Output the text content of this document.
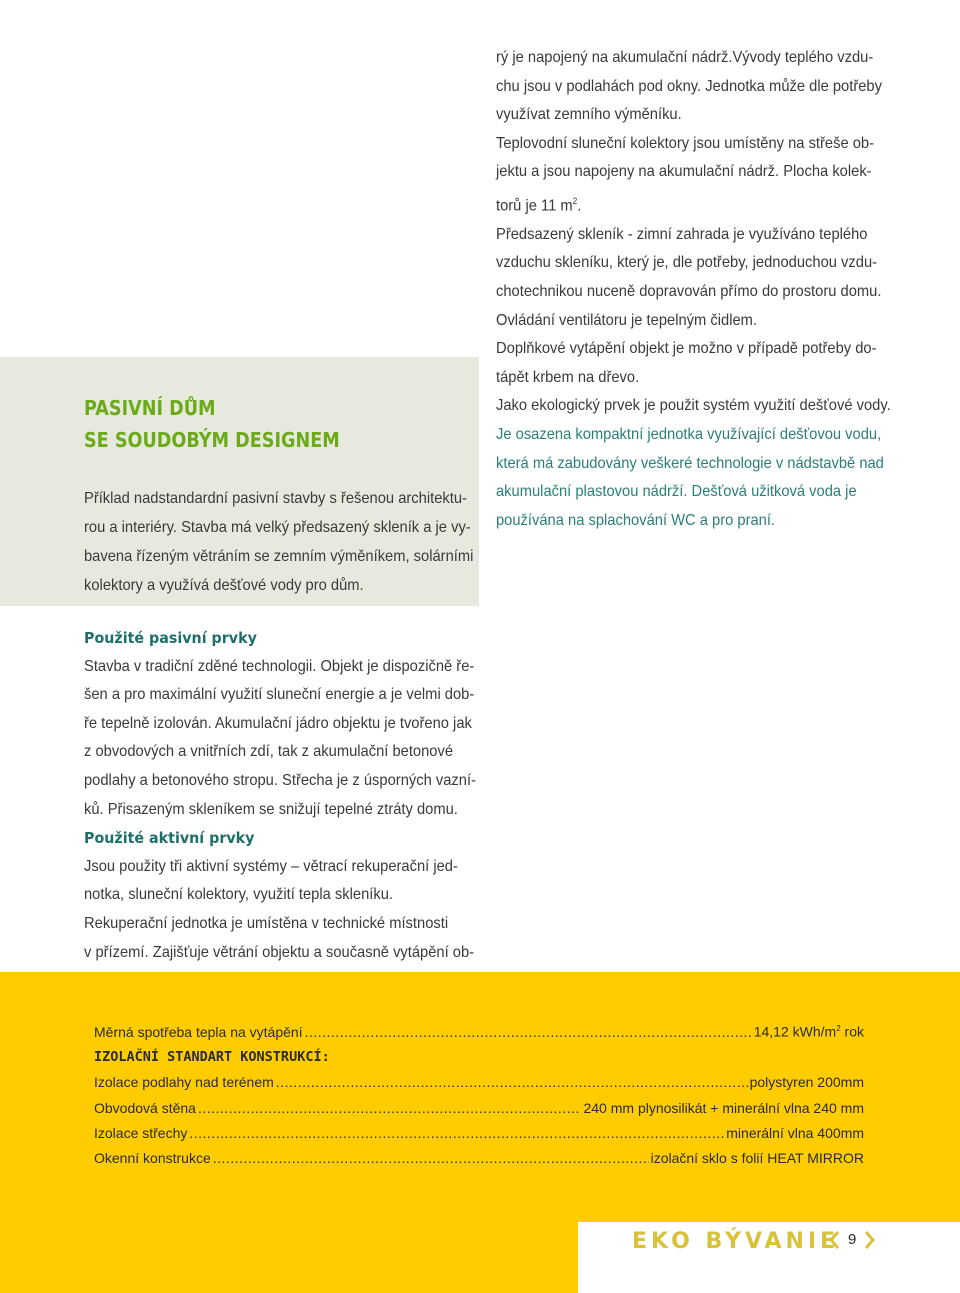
PASIVNÍ DŮM
SE SOUDOBÝM DESIGNEM
Příklad nadstandardní pasivní stavby s řešenou architektu-
rou a interiéry. Stavba má velký předsazený skleník a je vy-
bavena řízeným větráním se zemním výměníkem, solárními
kolektory a využívá dešťové vody pro dům.
rý je napojený na akumulační nádrž.Vývody teplého vzdu-
chu jsou v podlahách pod okny. Jednotka může dle potřeby
využívat zemního výměníku.
Teplovodní sluneční kolektory jsou umístěny na střeše ob-
jektu a jsou napojeny na akumulační nádrž. Plocha kolek-
torů je 11 $m^2$.
Předsazený skleník - zimní zahrada je využíváno teplého
vzduchu skleníku, který je, dle potřeby, jednoduchou vzdu-
chotechnikou nuceně dopravován přímo do prostoru domu.
Ovládání ventilátoru je tepelným čidlem.
Doplňkové vytápění objekt je možno v případě potřeby do-
tápět krbem na dřevo.
Jako ekologický prvek je použit systém využití dešťové vody.
Je osazena kompaktní jednotka využívající dešťovou vodu,
která má zabudovány veškeré technologie v nádstavbě nad
akumulační plastovou nádrží. Dešťová užitková voda je
používána na splachování WC a pro praní.
Použité pasivní prvky
Stavba v tradiční zděné technologii. Objekt je dispozičně ře-
šen a pro maximální využití sluneční energie a je velmi dob-
ře tepelně izolován. Akumulační jádro objektu je tvořeno jak
z obvodových a vnitřních zdí, tak z akumulační betonové
podlahy a betonového stropu. Střecha je z úsporných vazní-
ků. Přisazeným skleníkem se snižují tepelné ztráty domu.
Použité aktivní prvky
Jsou použity tři aktivní systémy – větrací rekuperační jed-
notka, sluneční kolektory, využití tepla skleníku.
Rekuperační jednotka je umístěna v technické místnosti
v přízemí. Zajišťuje větrání objektu a současně vytápění ob-
Měrná spotřeba tepla na vytápění .....	14,12 kWh/$m^2$ rok
IZOLAČNÍ STANDART KONSTRUKCÍ:
Izolace podlahy nad terénem .....	polystyren 200mm
Obvodová stěna .....	240 mm plynosilikát + minerální vlna 240 mm
Izolace střechy .....	minerální vlna 400mm
Okenní konstrukce .....	izolační sklo s folií HEAT MIRROR
EKO BÝVANIE 9
